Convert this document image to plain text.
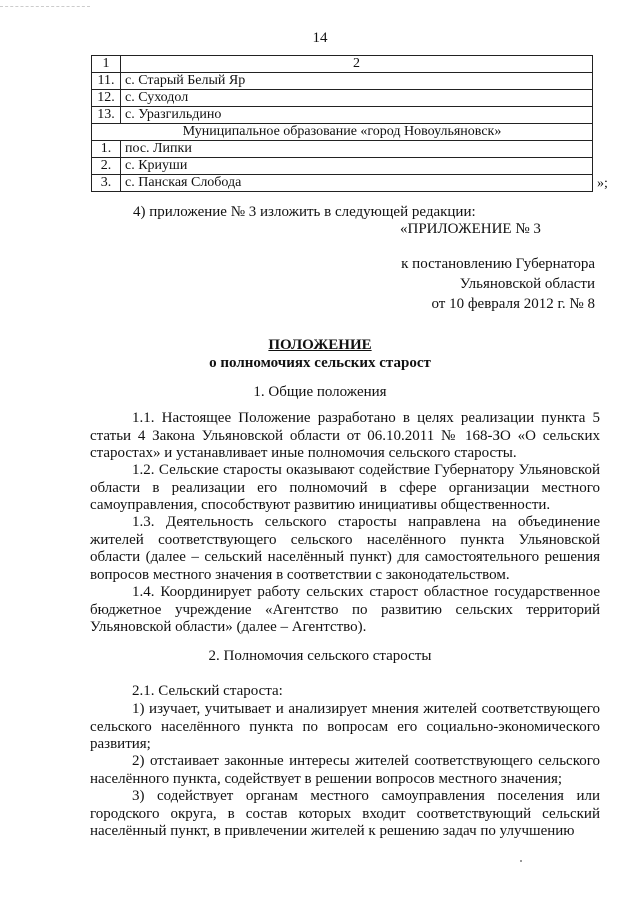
14
1	2
11.	с. Старый Белый Яр
12.	с. Суходол
13.	с. Уразгильдино
Муниципальное образование «город Новоульяновск»	
1.	пос. Липки
2.	с. Криуши
3.	с. Панская Слобода	»;
4) приложение № 3 изложить в следующей редакции:
«ПРИЛОЖЕНИЕ № 3
к постановлению Губернатора
Ульяновской области
от 10 февраля 2012 г. № 8
ПОЛОЖЕНИЕ
о полномочиях сельских старост
1. Общие положения

1.1. Настоящее Положение разработано в целях реализации пункта 5 статьи 4 Закона Ульяновской области от 06.10.2011 № 168-ЗО «О сельских старостах» и устанавливает иные полномочия сельского старосты.

1.2. Сельские старосты оказывают содействие Губернатору Ульяновской области в реализации его полномочий в сфере организации местного самоуправления, способствуют развитию инициативы общественности.

1.3. Деятельность сельского старосты направлена на объединение жителей соответствующего сельского населённого пункта Ульяновской области (далее – сельский населённый пункт) для самостоятельного решения вопросов местного значения в соответствии с законодательством.

1.4. Координирует работу сельских старост областное государственное бюджетное учреждение «Агентство по развитию сельских территорий Ульяновской области» (далее – Агентство).

2. Полномочия сельского старосты

2.1. Сельский староста:

1) изучает, учитывает и анализирует мнения жителей соответствующего сельского населённого пункта по вопросам его социально-экономического развития;

2) отстаивает законные интересы жителей соответствующего сельского населённого пункта, содействует в решении вопросов местного значения;

3) содействует органам местного самоуправления поселения или городского округа, в состав которых входит соответствующий сельский населённый пункт, в привлечении жителей к решению задач по улучшению
